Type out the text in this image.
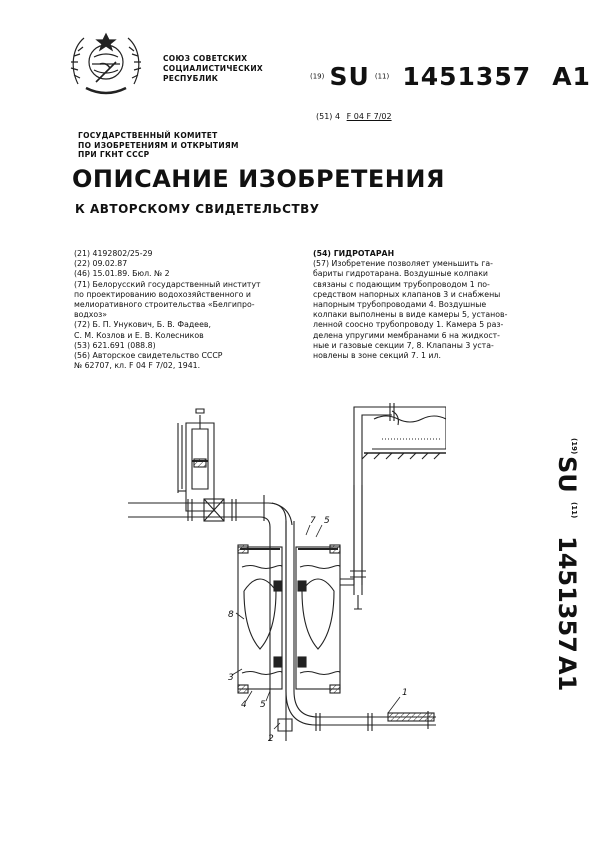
СОЮЗ СОВЕТСКИХ
СОЦИАЛИСТИЧЕСКИХ
РЕСПУБЛИК	(19) SU (11) 1451357 A1
(51) 4 F 04 F 7/02
ГОСУДАРСТВЕННЫЙ КОМИТЕТ
ПО ИЗОБРЕТЕНИЯМ И ОТКРЫТИЯМ
ПРИ ГКНТ СССР
ОПИСАНИЕ ИЗОБРЕТЕНИЯ
К АВТОРСКОМУ СВИДЕТЕЛЬСТВУ
(21) 4192802/25-29
(22) 09.02.87
(46) 15.01.89. Бюл. № 2
(71) Белорусский государственный институт
по проектированию водохозяйственного и
мелиоративного строительства «Белгипро-
водхоз»
(72) Б. П. Унукович, Б. В. Фадеев,
С. М. Козлов и Е. В. Колесников
(53) 621.691 (088.8)
(56) Авторское свидетельство СССР
№ 62707, кл. F 04 F 7/02, 1941.
(54) ГИДРОТАРАН
(57) Изобретение позволяет уменьшить га-
бариты гидротарана. Воздушные колпаки
связаны с подающим трубопроводом 1 по-
средством напорных клапанов 3 и снабжены
напорным трубопроводами 4. Воздушные
колпаки выполнены в виде камеры 5, установ-
ленной соосно трубопроводу 1. Камера 5 раз-
делена упругими мембранами 6 на жидкост-
ные и газовые секции 7, 8. Клапаны 3 уста-
новлены в зоне секций 7. 1 ил.
(19)
SU
(11)
1451357
A1
1
2
3
4 5
5
7
8
